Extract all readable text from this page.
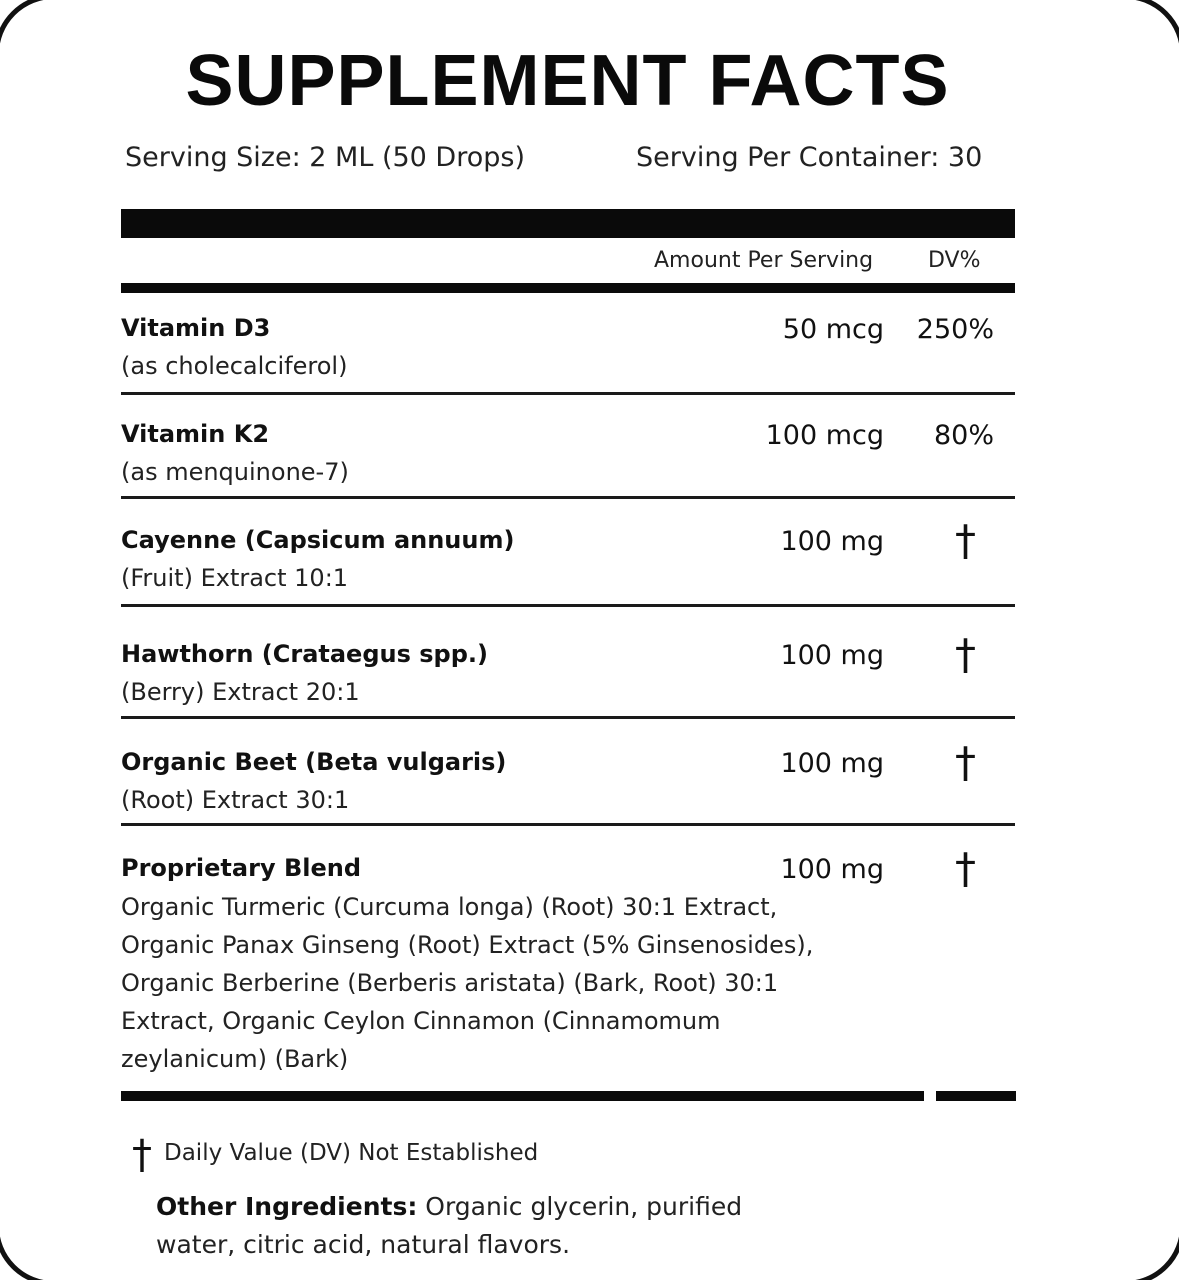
SUPPLEMENT FACTS
Serving Size: 2 ML (50 Drops)	Serving Per Container: 30
Amount Per Serving DV%
Vitamin D3
(as cholecalciferol)
50 mcg 250%
Vitamin K2
(as menquinone-7)
100 mcg 80%
Cayenne (Capsicum annuum)
(Fruit) Extract 10:1
100 mg †
Hawthorn (Crataegus spp.)
(Berry) Extract 20:1
100 mg †
Organic Beet (Beta vulgaris)
(Root) Extract 30:1
100 mg †
Proprietary Blend	100 mg †
Organic Turmeric (Curcuma longa) (Root) 30:1 Extract, Organic Panax Ginseng (Root) Extract (5% Ginsenosides), Organic Berberine (Berberis aristata) (Bark, Root) 30:1 Extract, Organic Ceylon Cinnamon (Cinnamomum zeylanicum) (Bark)
† Daily Value (DV) Not Established
Other Ingredients: Organic glycerin, purified water, citric acid, natural flavors.
